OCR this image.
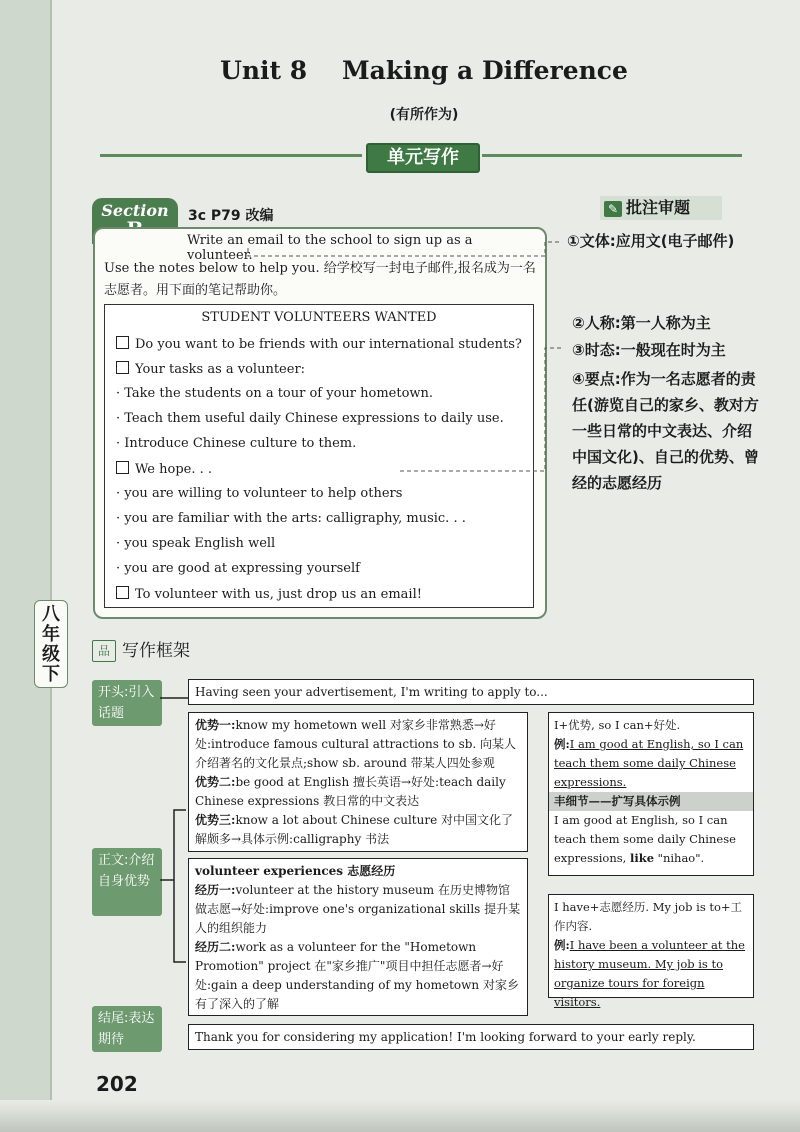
八
年
级
下
Unit 8    Making a Difference
(有所作为)
单元写作
Section	3c P79 改编
Write an email to the school to sign up as a volunteer.
Use the notes below to help you. 给学校写一封电子邮件,报名成为一名志愿者。用下面的笔记帮助你。
STUDENT VOLUNTEERS WANTED
Do you want to be friends with our international students?
Your tasks as a volunteer:
· Take the students on a tour of your hometown.
· Teach them useful daily Chinese expressions to daily use.
· Introduce Chinese culture to them.
We hope. . .
· you are willing to volunteer to help others
· you are familiar with the arts: calligraphy, music. . .
· you speak English well
· you are good at expressing yourself
To volunteer with us, just drop us an email!
✎ 批注审题
①文体:应用文(电子邮件)
②人称:第一人称为主
③时态:一般现在时为主
④要点:作为一名志愿者的责任(游览自己的家乡、教对方一些日常的中文表达、介绍中国文化)、自己的优势、曾经的志愿经历
品 写作框架
开头:引入话题
Having seen your advertisement, I'm writing to apply to...
正文:介绍自身优势
优势一:know my hometown well 对家乡非常熟悉→好处:introduce famous cultural attractions to sb. 向某人介绍著名的文化景点;show sb. around 带某人四处参观
优势二:be good at English 擅长英语→好处:teach daily Chinese expressions 教日常的中文表达
优势三:know a lot about Chinese culture 对中国文化了解颇多→具体示例:calligraphy 书法
volunteer experiences 志愿经历
经历一:volunteer at the history museum 在历史博物馆做志愿→好处:improve one's organizational skills 提升某人的组织能力
经历二:work as a volunteer for the "Hometown Promotion" project 在"家乡推广"项目中担任志愿者→好处:gain a deep understanding of my hometown 对家乡有了深入的了解
I+优势, so I can+好处.
例:I am good at English, so I can teach them some daily Chinese expressions.

丰细节——扩写具体示例
I am good at English, so I can teach them some daily Chinese expressions, like "nihao".
I have+志愿经历. My job is to+工作内容.
例:I have been a volunteer at the history museum. My job is to organize tours for foreign visitors.
结尾:表达期待	Thank you for considering my application! I'm looking forward to your early reply.
202
